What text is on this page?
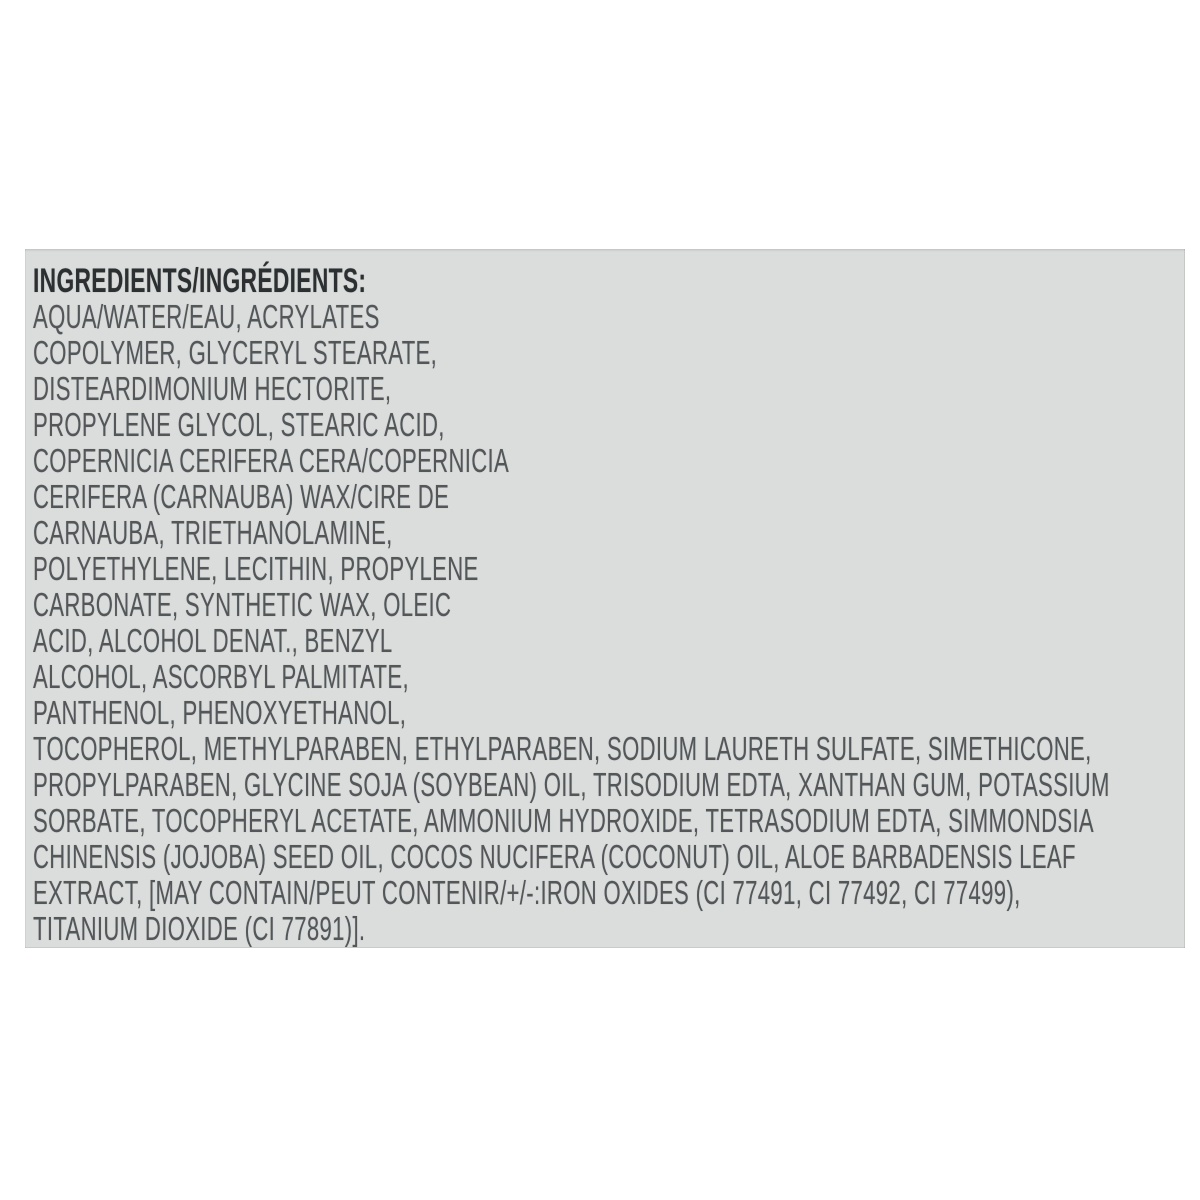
INGREDIENTS/INGRÉDIENTS:
AQUA/WATER/EAU, ACRYLATES
COPOLYMER, GLYCERYL STEARATE,
DISTEARDIMONIUM HECTORITE,
PROPYLENE GLYCOL, STEARIC ACID,
COPERNICIA CERIFERA CERA/COPERNICIA
CERIFERA (CARNAUBA) WAX/CIRE DE
CARNAUBA, TRIETHANOLAMINE,
POLYETHYLENE, LECITHIN, PROPYLENE
CARBONATE, SYNTHETIC WAX, OLEIC
ACID, ALCOHOL DENAT., BENZYL
ALCOHOL, ASCORBYL PALMITATE,
PANTHENOL, PHENOXYETHANOL,
TOCOPHEROL, METHYLPARABEN, ETHYLPARABEN, SODIUM LAURETH SULFATE, SIMETHICONE,
PROPYLPARABEN, GLYCINE SOJA (SOYBEAN) OIL, TRISODIUM EDTA, XANTHAN GUM, POTASSIUM
SORBATE, TOCOPHERYL ACETATE, AMMONIUM HYDROXIDE, TETRASODIUM EDTA, SIMMONDSIA
CHINENSIS (JOJOBA) SEED OIL, COCOS NUCIFERA (COCONUT) OIL, ALOE BARBADENSIS LEAF
EXTRACT, [MAY CONTAIN/PEUT CONTENIR/+/-:IRON OXIDES (CI 77491, CI 77492, CI 77499),
TITANIUM DIOXIDE (CI 77891)].
